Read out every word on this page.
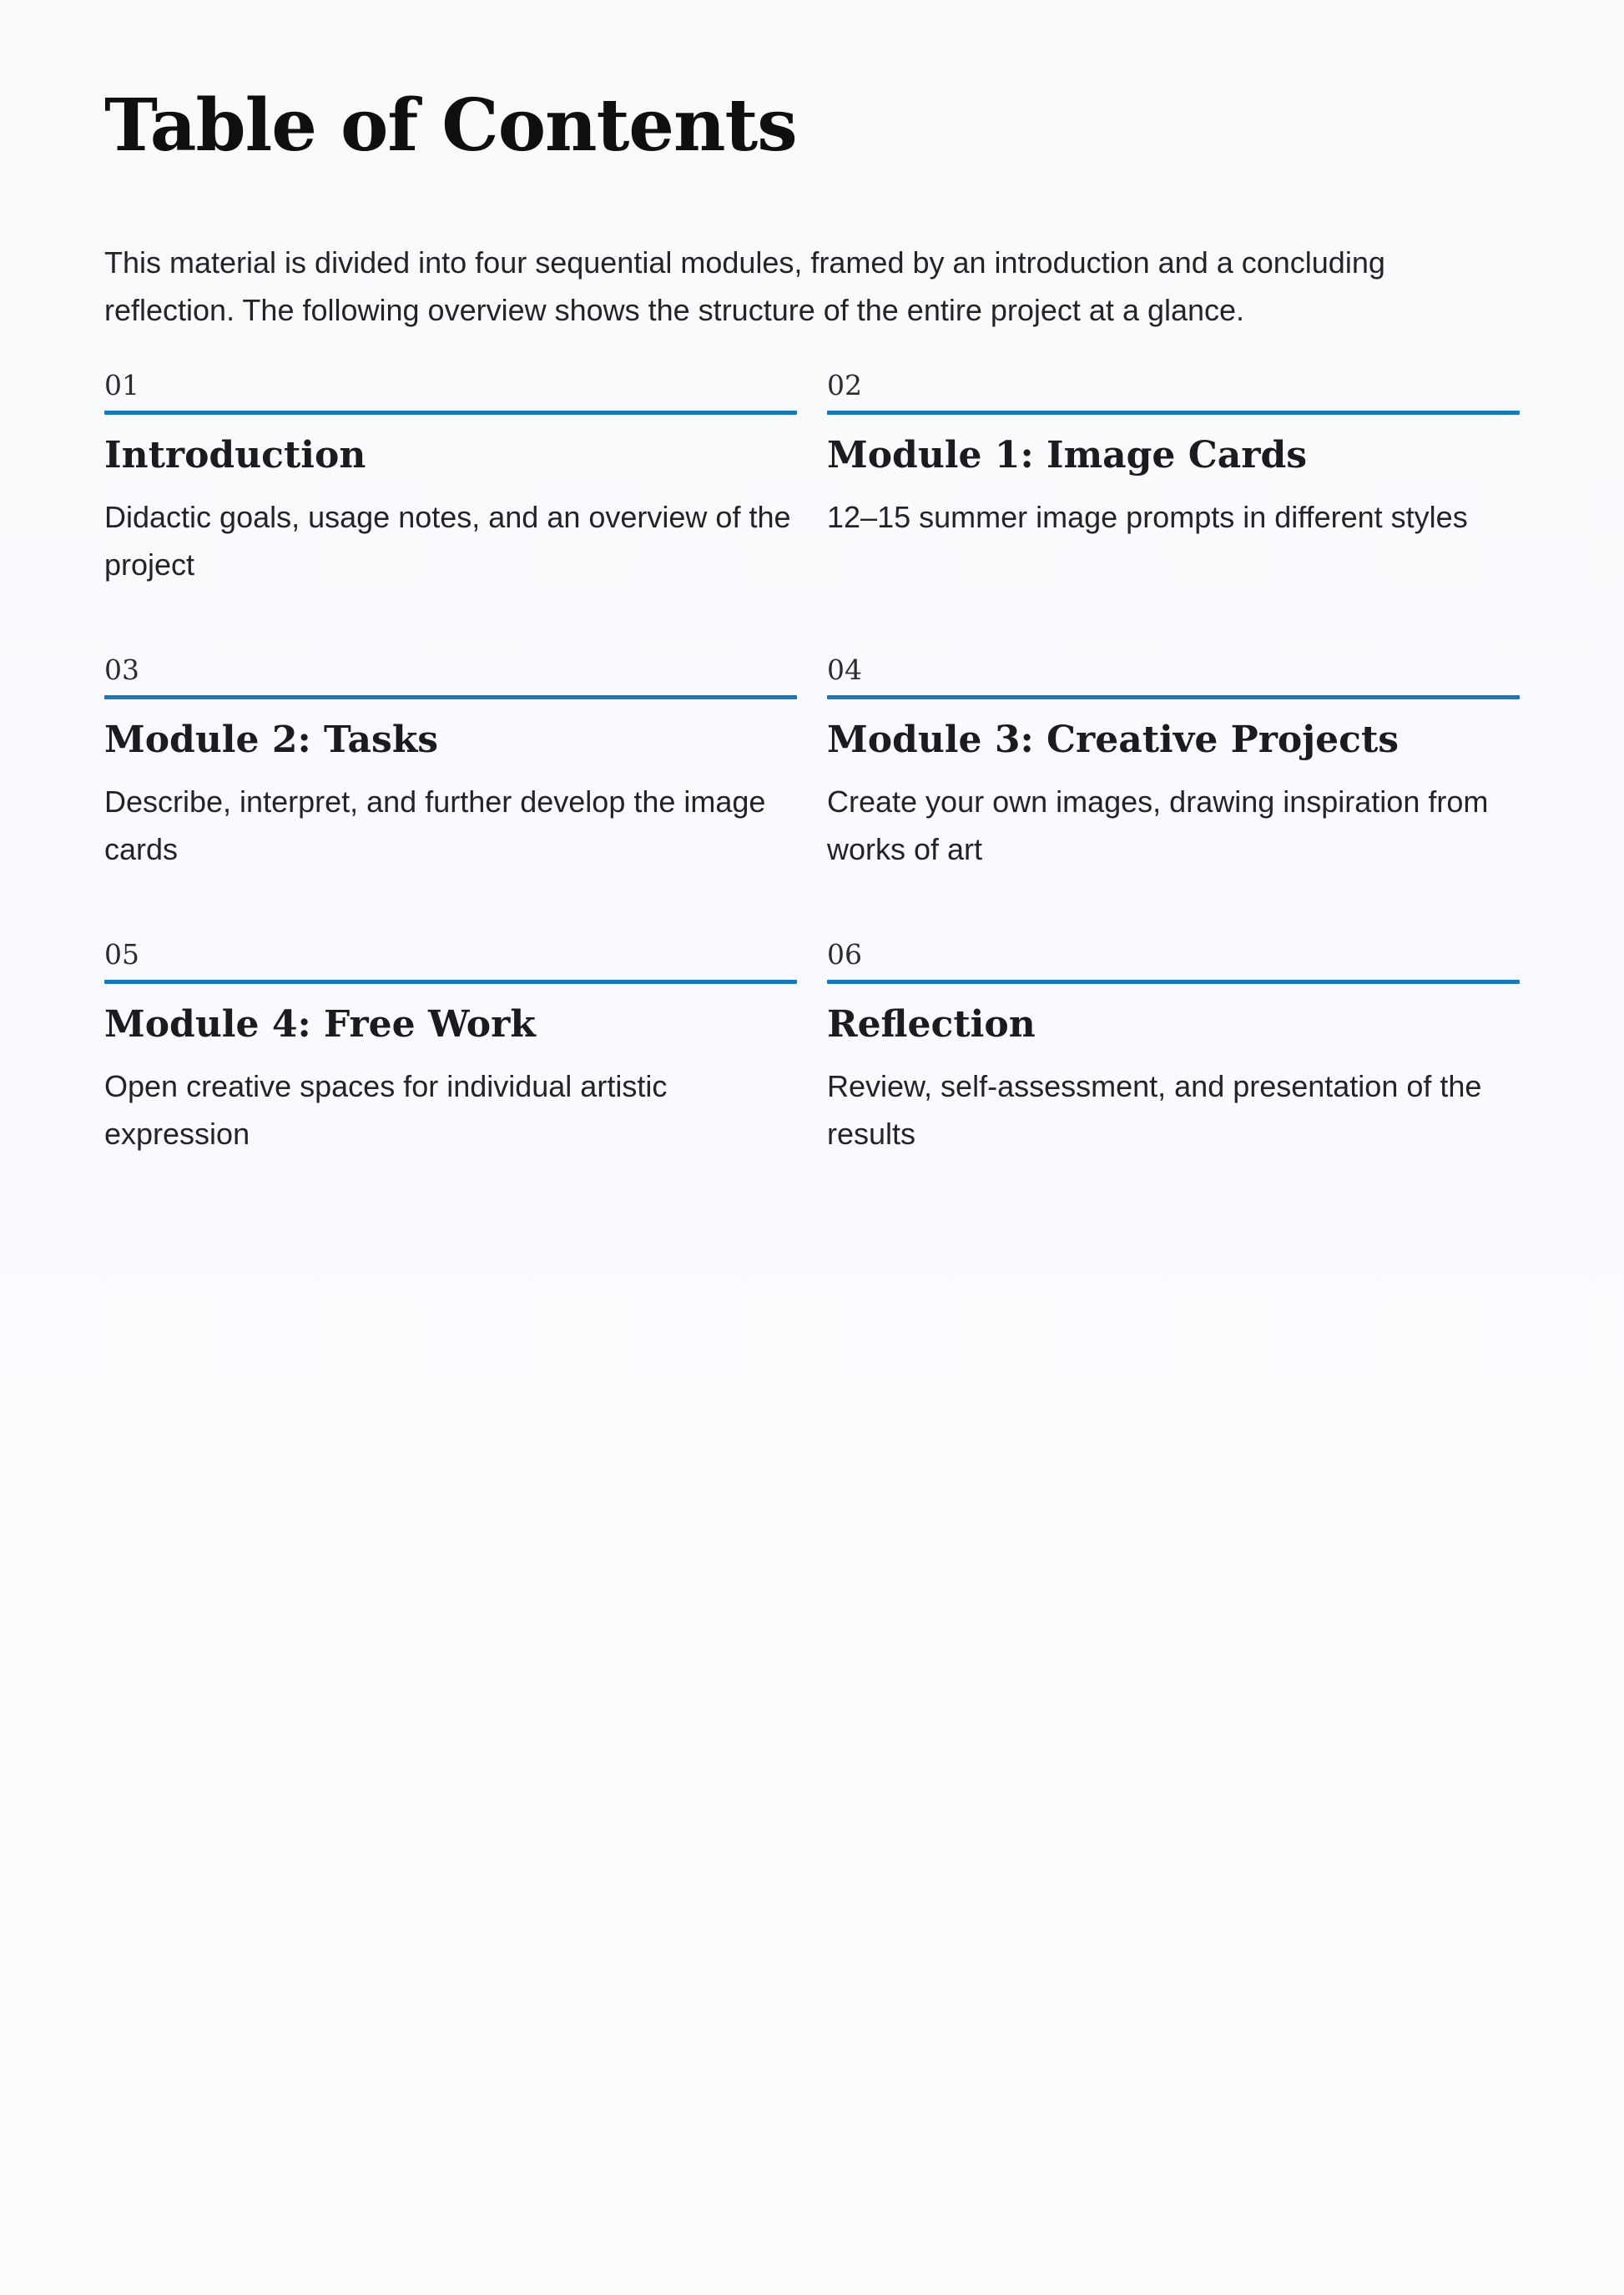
Table of Contents

This material is divided into four sequential modules, framed by an introduction and a concluding reflection. The following overview shows the structure of the entire project at a glance.

01
Introduction

Didactic goals, usage notes, and an overview of the project

02
Module 1: Image Cards

12–15 summer image prompts in different styles

03
Module 2: Tasks

Describe, interpret, and further develop the image cards

04
Module 3: Creative Projects

Create your own images, drawing inspiration from works of art

05
Module 4: Free Work

Open creative spaces for individual artistic expression

06
Reflection

Review, self-assessment, and presentation of the results
